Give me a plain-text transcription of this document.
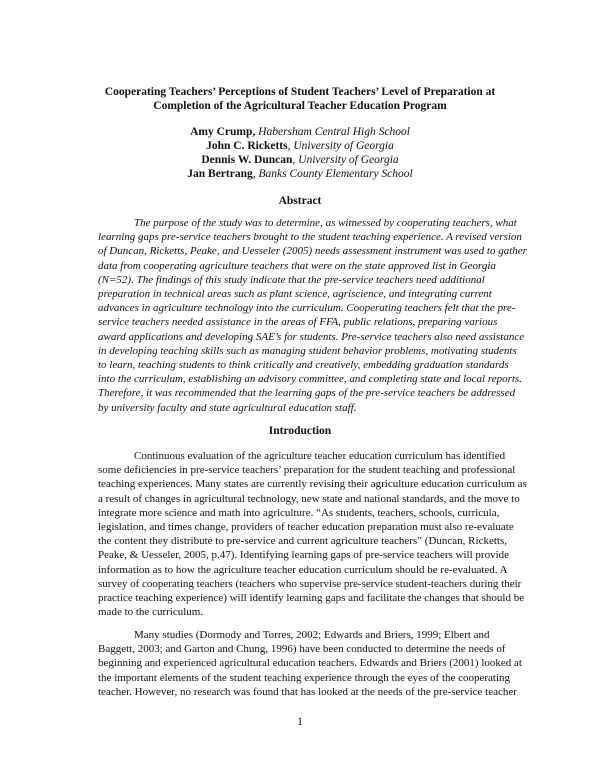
Cooperating Teachers’ Perceptions of Student Teachers’ Level of Preparation at
Completion of the Agricultural Teacher Education Program
Amy Crump, Habersham Central High School
John C. Ricketts, University of Georgia
Dennis W. Duncan, University of Georgia
Jan Bertrang, Banks County Elementary School
Abstract
The purpose of the study was to determine, as witnessed by cooperating teachers, what
learning gaps pre-service teachers brought to the student teaching experience. A revised version
of Duncan, Ricketts, Peake, and Uesseler (2005) needs assessment instrument was used to gather
data from cooperating agriculture teachers that were on the state approved list in Georgia
(N=52). The findings of this study indicate that the pre-service teachers need additional
preparation in technical areas such as plant science, agriscience, and integrating current
advances in agriculture technology into the curriculum. Cooperating teachers felt that the pre-
service teachers needed assistance in the areas of FFA, public relations, preparing various
award applications and developing SAE’s for students. Pre-service teachers also need assistance
in developing teaching skills such as managing student behavior problems, motivating students
to learn, teaching students to think critically and creatively, embedding graduation standards
into the curriculum, establishing an advisory committee, and completing state and local reports.
Therefore, it was recommended that the learning gaps of the pre-service teachers be addressed
by university faculty and state agricultural education staff.
Introduction
Continuous evaluation of the agriculture teacher education curriculum has identified
some deficiencies in pre-service teachers’ preparation for the student teaching and professional
teaching experiences. Many states are currently revising their agriculture education curriculum as
a result of changes in agricultural technology, new state and national standards, and the move to
integrate more science and math into agriculture. “As students, teachers, schools, curricula,
legislation, and times change, providers of teacher education preparation must also re-evaluate
the content they distribute to pre-service and current agriculture teachers” (Duncan, Ricketts,
Peake, & Uesseler, 2005, p.47). Identifying learning gaps of pre-service teachers will provide
information as to how the agriculture teacher education curriculum should be re-evaluated. A
survey of cooperating teachers (teachers who supervise pre-service student-teachers during their
practice teaching experience) will identify learning gaps and facilitate the changes that should be
made to the curriculum.
Many studies (Dormody and Torres, 2002; Edwards and Briers, 1999; Elbert and
Baggett, 2003; and Garton and Chung, 1996) have been conducted to determine the needs of
beginning and experienced agricultural education teachers. Edwards and Briers (2001) looked at
the important elements of the student teaching experience through the eyes of the cooperating
teacher. However, no research was found that has looked at the needs of the pre-service teacher
1
